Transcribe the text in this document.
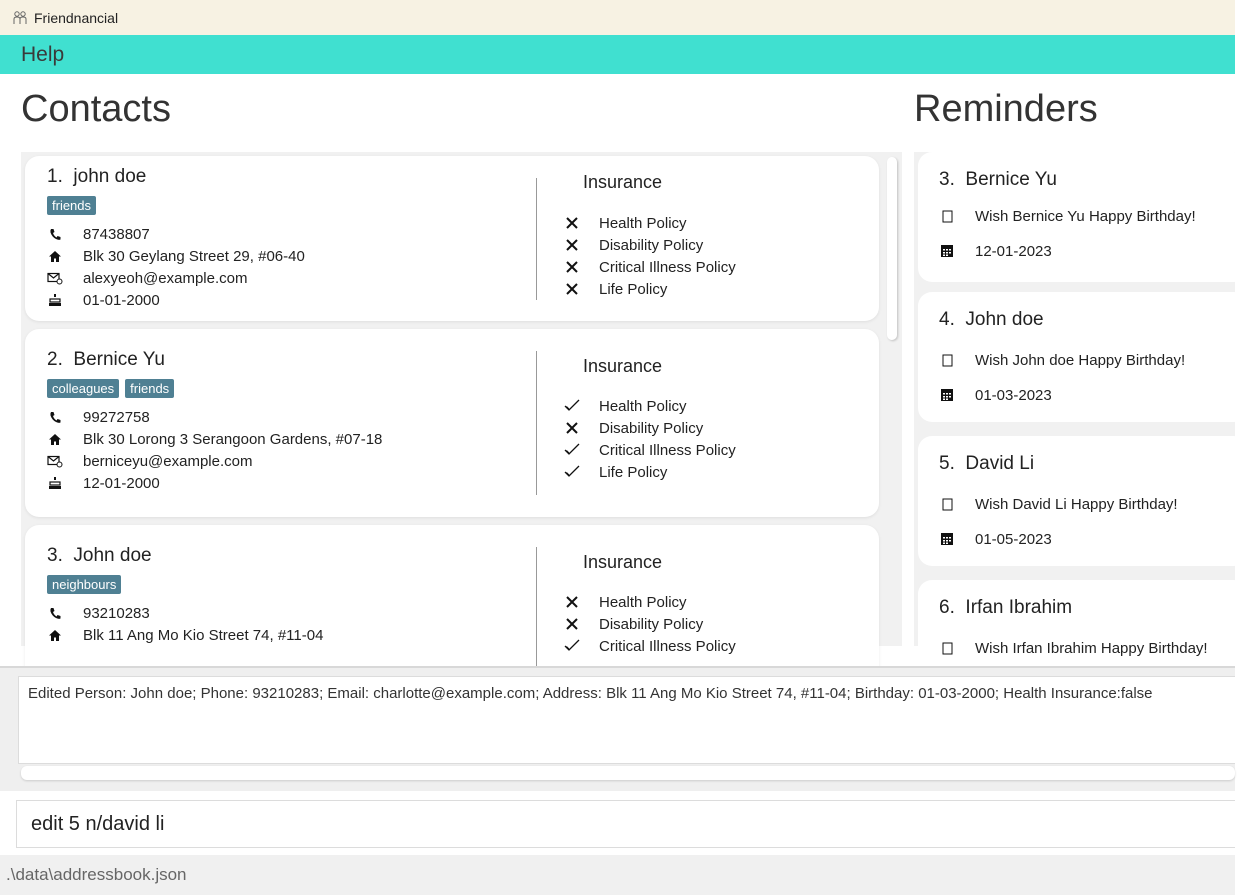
Friendnancial
Help
Contacts	Reminders
1. john doe
friends
87438807
Blk 30 Geylang Street 29, #06-40
alexyeoh@example.com
01-01-2000
Insurance
Health Policy
Disability Policy
Critical Illness Policy
Life Policy
2. Bernice Yu
colleagues	friends
99272758
Blk 30 Lorong 3 Serangoon Gardens, #07-18
berniceyu@example.com
12-01-2000
Insurance
Health Policy
Disability Policy
Critical Illness Policy
Life Policy
3. John doe
neighbours
93210283
Blk 11 Ang Mo Kio Street 74, #11-04
Insurance
Health Policy
Disability Policy
Critical Illness Policy
3. Bernice Yu
Wish Bernice Yu Happy Birthday!
12-01-2023
4. John doe
Wish John doe Happy Birthday!
01-03-2023
5. David Li
Wish David Li Happy Birthday!
01-05-2023
6. Irfan Ibrahim
Wish Irfan Ibrahim Happy Birthday!
Edited Person: John doe; Phone: 93210283; Email: charlotte@example.com; Address: Blk 11 Ang Mo Kio Street 74, #11-04; Birthday: 01-03-2000; Health Insurance:false
edit 5 n/david li
.\data\addressbook.json
